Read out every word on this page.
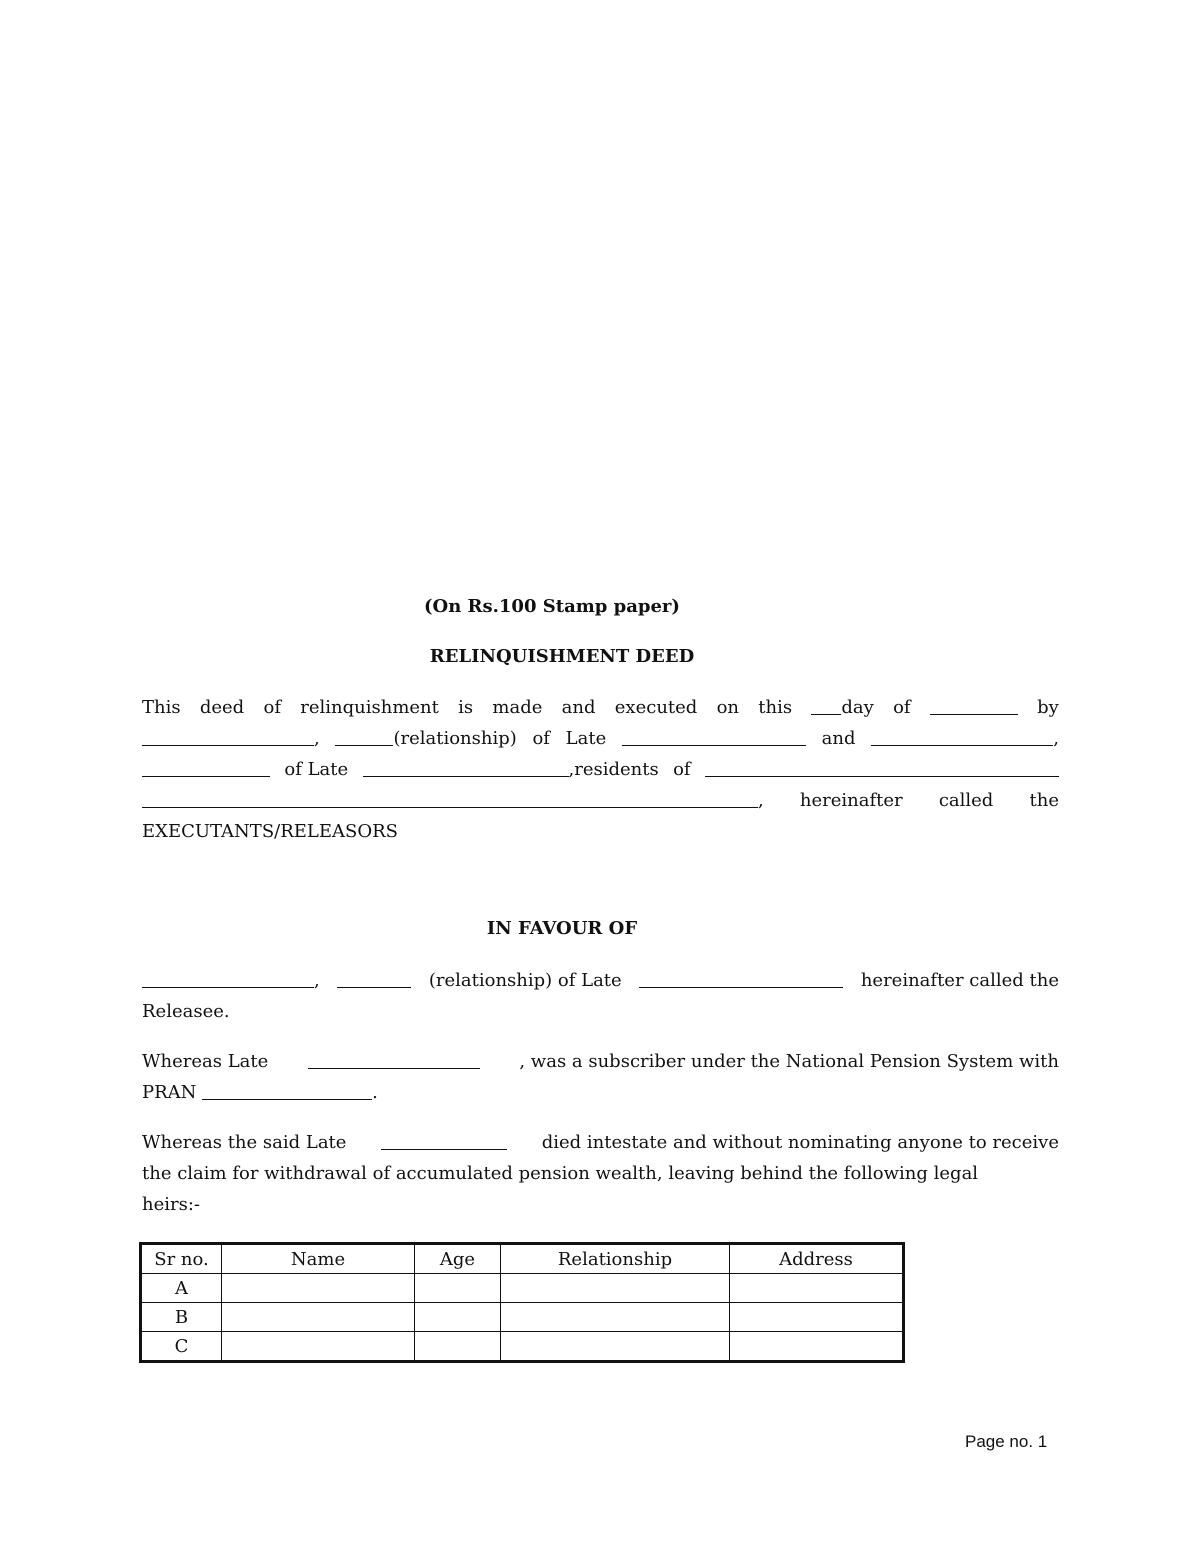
(On Rs.100 Stamp paper)
RELINQUISHMENT DEED
This deed of relinquishment is made and executed on this	day of	by
,	(relationship) of Late	and	,
of Late	,residents of
, hereinafter called the
EXECUTANTS/RELEASORS
IN FAVOUR OF
,	(relationship) of Late	hereinafter called the
Releasee.
Whereas Late	, was a subscriber under the National Pension System with
PRAN
	.
Whereas the said Late	died intestate and without nominating anyone to receive
the claim for withdrawal of accumulated pension wealth, leaving behind the following legal
heirs:-
Sr no.	Name	Age	Relationship	Address
A				
B				
C				
Page no. 1
